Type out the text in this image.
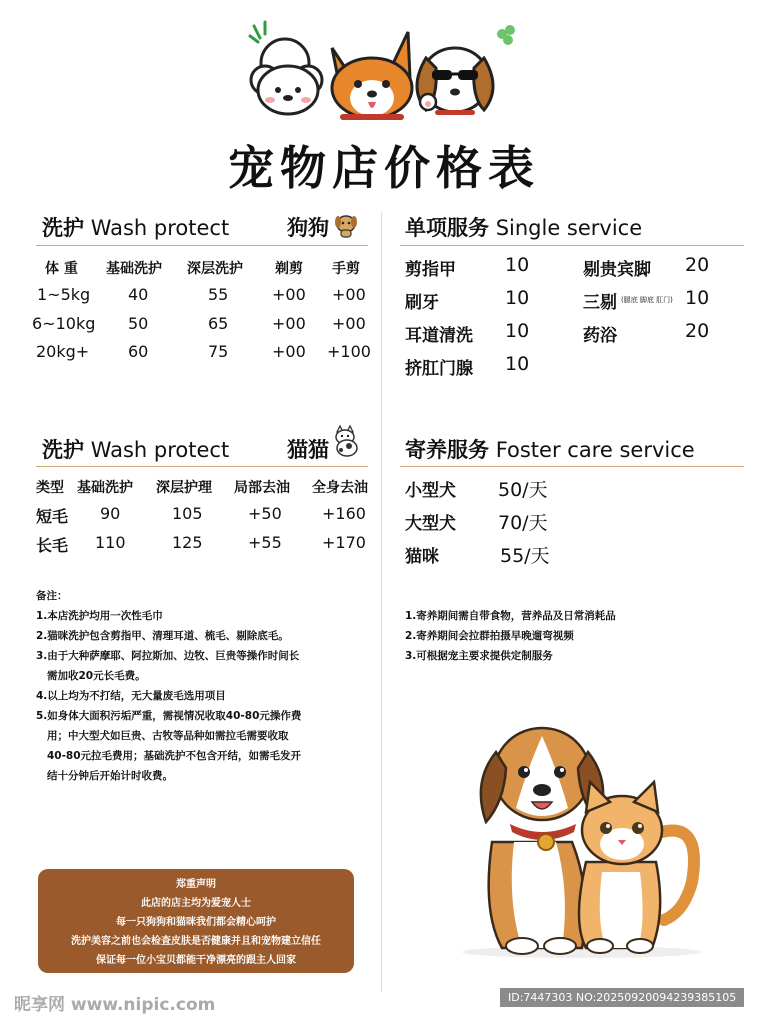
宠物店价格表
洗护 Wash protect	狗狗
体 重 基础洗护 深层洗护 剃剪 手剪
1~5kg 40	55	+00 +00
6~10kg 50	65	+00 +00
20kg+ 60	75	+00 +100
洗护 Wash protect	猫猫
类型 基础洗护 深层护理 局部去油 全身去油
短毛 90	105	+50	+160
长毛 110	125	+55	+170
备注：
1.本店洗护均用一次性毛巾
2.猫咪洗护包含剪指甲、清理耳道、梳毛、剔除底毛。
3.由于大种萨摩耶、阿拉斯加、边牧、巨贵等操作时间长
需加收20元长毛费。
4.以上均为不打结，无大量废毛选用项目
5.如身体大面积污垢严重，需视情况收取40-80元操作费
用；中大型犬如巨贵、古牧等品种如需拉毛需要收取
40-80元拉毛费用；基础洗护不包含开结，如需毛发开
结十分钟后开始计时收费。
郑重声明
此店的店主均为爱宠人士
每一只狗狗和猫咪我们都会精心呵护
洗护美容之前也会检查皮肤是否健康并且和宠物建立信任
保证每一位小宝贝都能干净漂亮的跟主人回家
单项服务 Single service
剪指甲	10	剔贵宾脚 20
刷牙	10	三剔 (腿底 脚底 肛门) 10
耳道清洗 10	药浴	20
挤肛门腺 10
寄养服务 Foster care service
小型犬 50/天
大型犬 70/天
猫咪	55/天
1.寄养期间需自带食物，营养品及日常消耗品
2.寄养期间会拉群拍摄早晚遛弯视频
3.可根据宠主要求提供定制服务
昵享网 www.nipic.com	ID:7447303 NO:20250920094239385105
